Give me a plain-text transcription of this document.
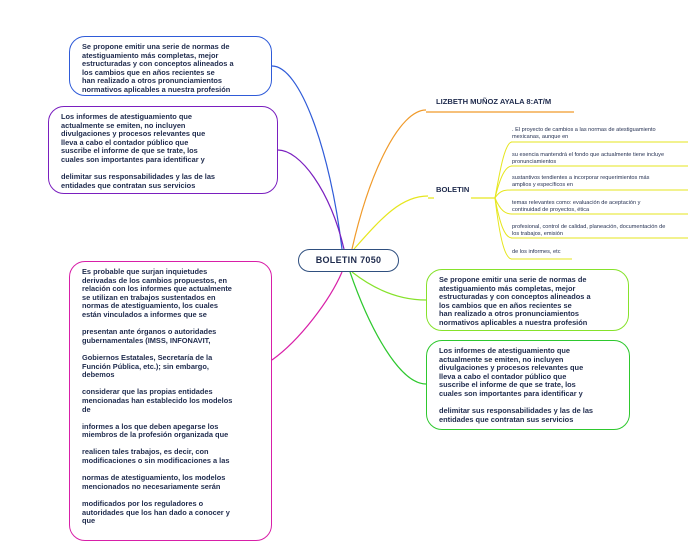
BOLETIN 7050

Se propone emitir una serie de normas de
atestiguamiento más completas, mejor
estructuradas y con conceptos alineados a
los cambios que en años recientes se
han realizado a otros pronunciamientos
normativos aplicables a nuestra profesión

Los informes de atestiguamiento que
actualmente se emiten, no incluyen
divulgaciones y procesos relevantes que
lleva a cabo el contador público que
suscribe el informe de que se trate, los
cuales son importantes para identificar y

delimitar sus responsabilidades y las de las
entidades que contratan sus servicios

Es probable que surjan inquietudes
derivadas de los cambios propuestos, en
relación con los informes que actualmente
se utilizan en trabajos sustentados en
normas de atestiguamiento, los cuales
están vinculados a informes que se

presentan ante órganos o autoridades
gubernamentales (IMSS, INFONAVIT,

Gobiernos Estatales, Secretaría de la
Función Pública, etc.); sin embargo,
debemos

considerar que las propias entidades
mencionadas han establecido los modelos
de

informes a los que deben apegarse los
miembros de la profesión organizada que

realicen tales trabajos, es decir, con
modificaciones o sin modificaciones a las

normas de atestiguamiento, los modelos
mencionados no necesariamente serán

modificados por los reguladores o
autoridades que los han dado a conocer y
que

LIZBETH MUÑOZ AYALA 8:AT/M
BOLETIN
. El proyecto de cambios a las normas de atestiguamiento
mexicanas, aunque en
su esencia mantendrá el fondo que actualmente tiene incluye
pronunciamientos
sustantivos tendientes a incorporar requerimientos más
amplios y específicos en
temas relevantes como: evaluación de aceptación y
continuidad de proyectos, ética
profesional, control de calidad, planeación, documentación de
los trabajos, emisión
de los informes, etc

Se propone emitir una serie de normas de
atestiguamiento más completas, mejor
estructuradas y con conceptos alineados a
los cambios que en años recientes se
han realizado a otros pronunciamientos
normativos aplicables a nuestra profesión

Los informes de atestiguamiento que
actualmente se emiten, no incluyen
divulgaciones y procesos relevantes que
lleva a cabo el contador público que
suscribe el informe de que se trate, los
cuales son importantes para identificar y

delimitar sus responsabilidades y las de las
entidades que contratan sus servicios
